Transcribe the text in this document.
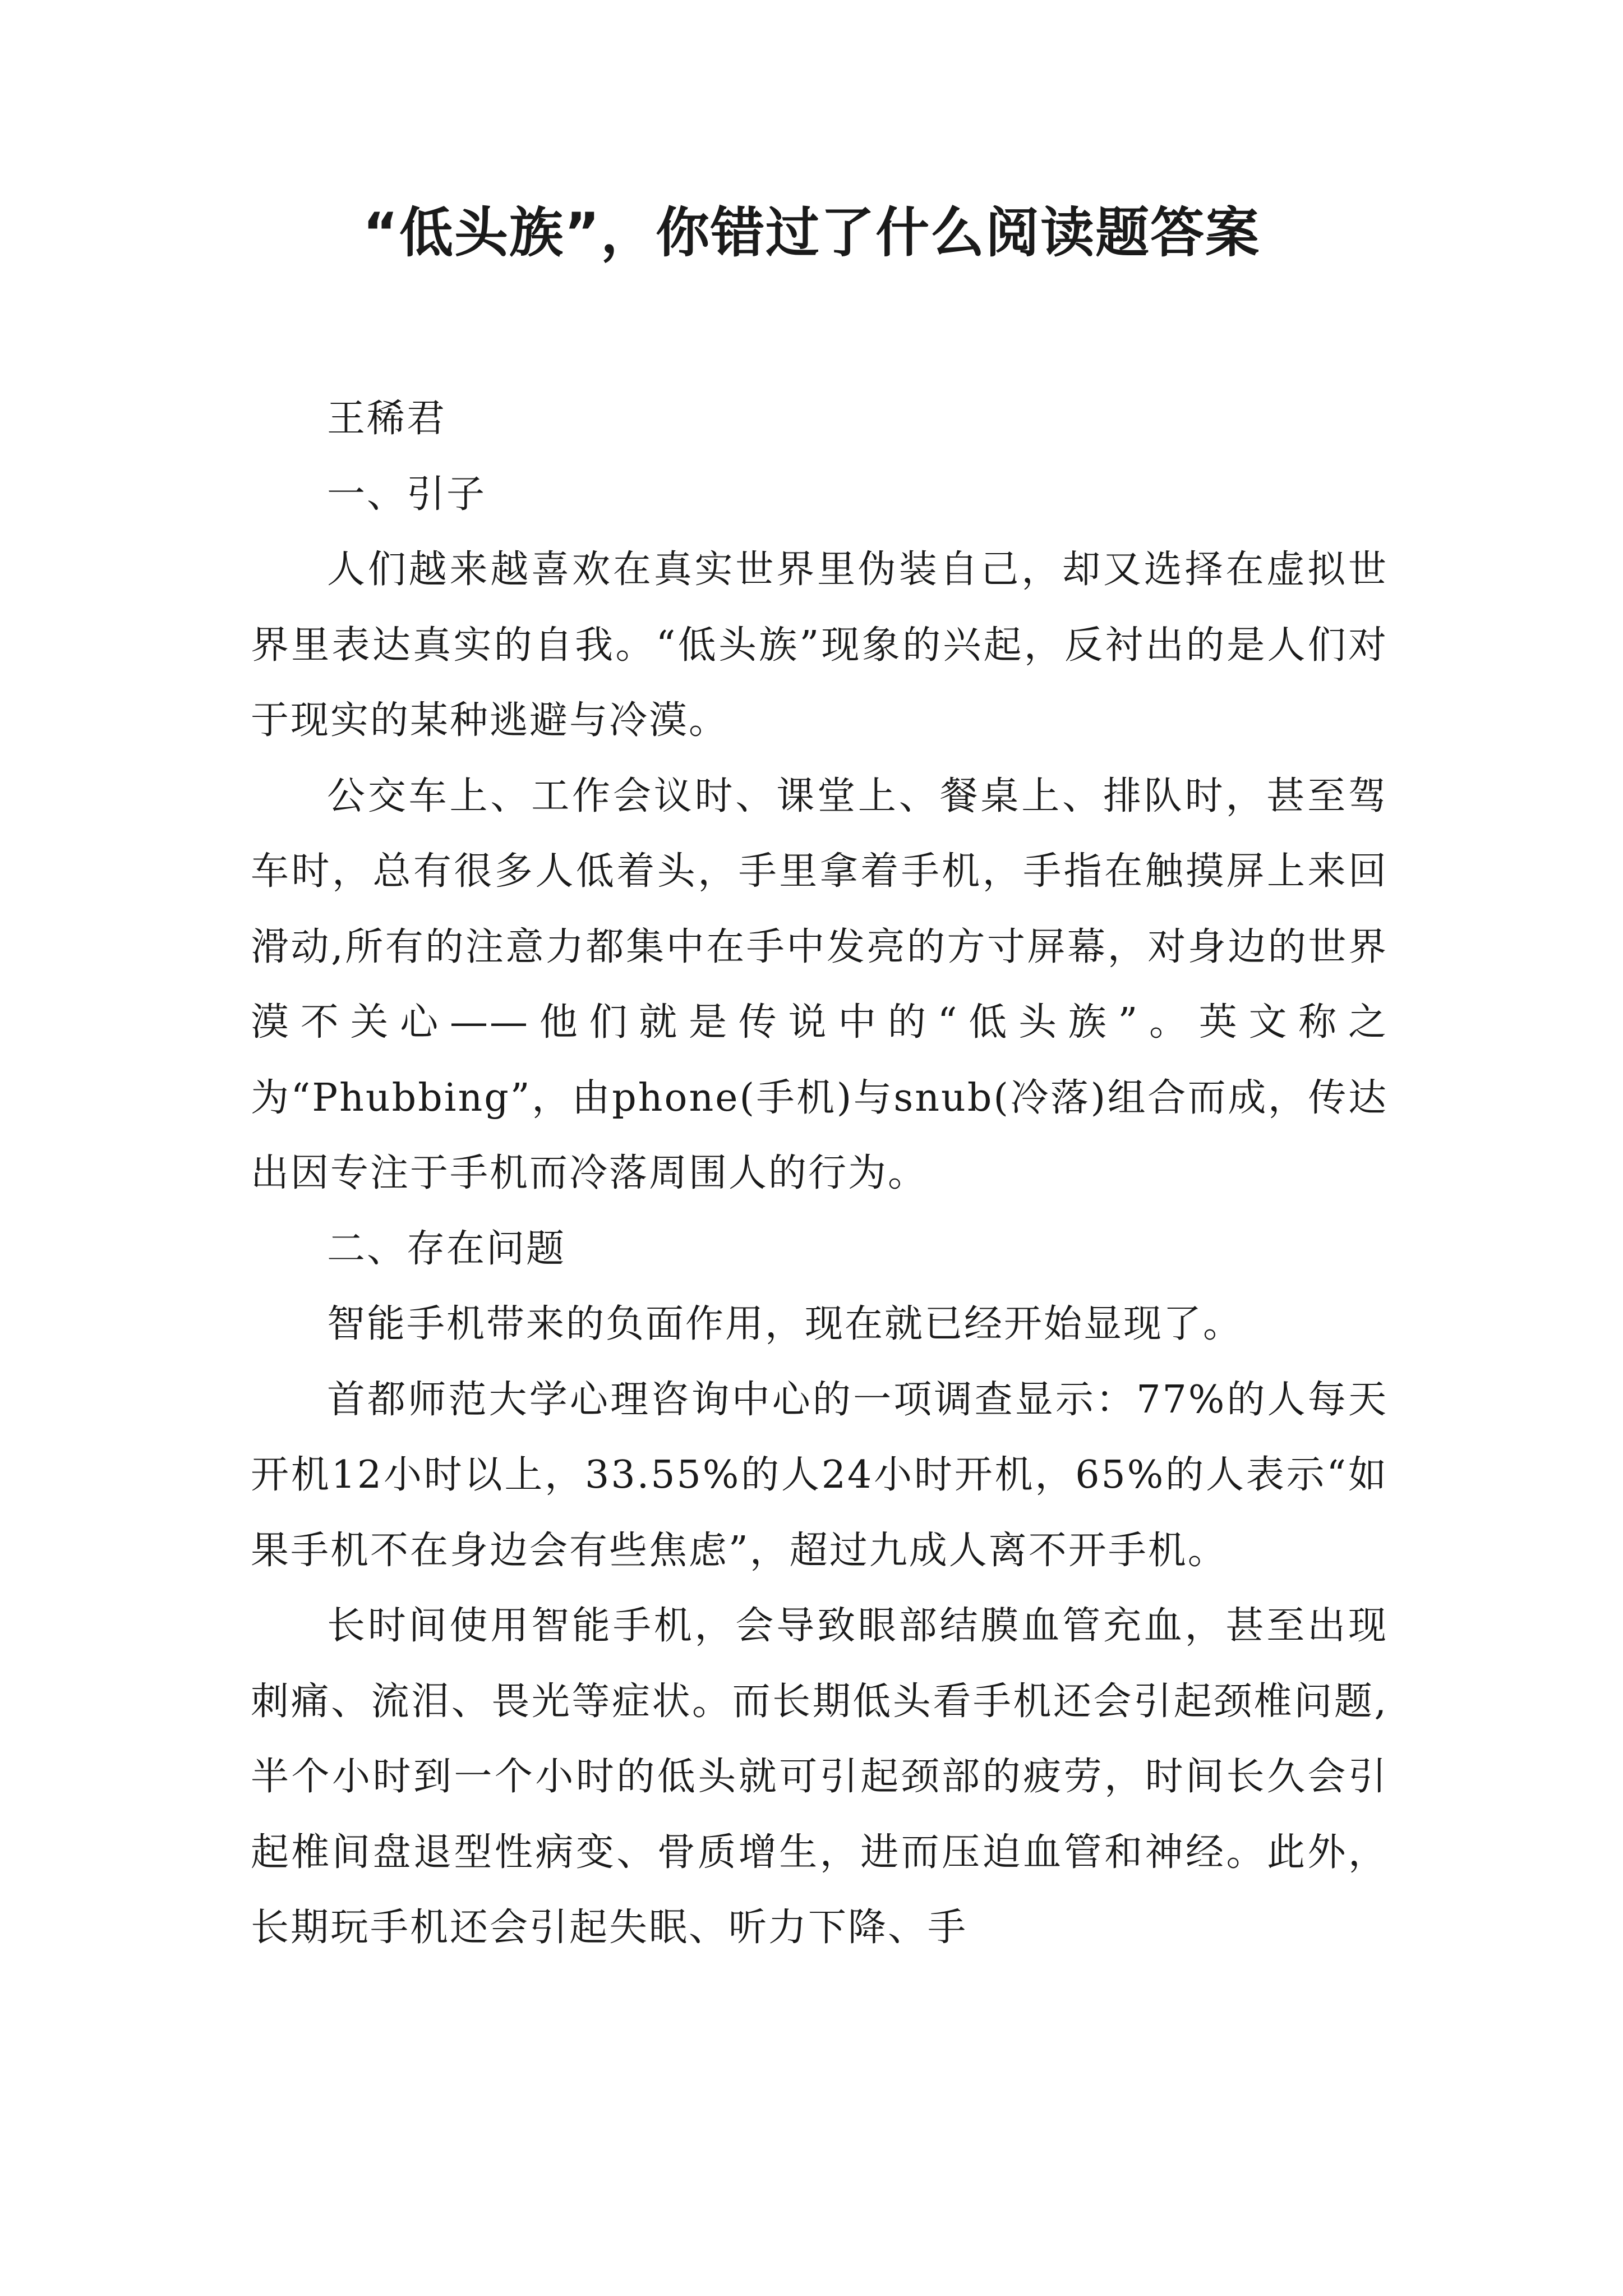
“低头族”，你错过了什么阅读题答案

王稀君

一、引子

人们越来越喜欢在真实世界里伪装自己，却又选择在虚拟世界里表达真实的自我。“低头族”现象的兴起，反衬出的是人们对于现实的某种逃避与冷漠。

公交车上、工作会议时、课堂上、餐桌上、排队时，甚至驾车时，总有很多人低着头，手里拿着手机，手指在触摸屏上来回滑动,所有的注意力都集中在手中发亮的方寸屏幕，对身边的世界漠不关心——他们就是传说中的“低头族”。英文称之为“Phubbing”，由phone(手机)与snub(冷落)组合而成，传达出因专注于手机而冷落周围人的行为。

二、存在问题

智能手机带来的负面作用，现在就已经开始显现了。

首都师范大学心理咨询中心的一项调查显示：77%的人每天开机12小时以上，33.55%的人24小时开机，65%的人表示“如果手机不在身边会有些焦虑”，超过九成人离不开手机。

长时间使用智能手机，会导致眼部结膜血管充血，甚至出现刺痛、流泪、畏光等症状。而长期低头看手机还会引起颈椎问题,半个小时到一个小时的低头就可引起颈部的疲劳，时间长久会引起椎间盘退型性病变、骨质增生，进而压迫血管和神经。此外，长期玩手机还会引起失眠、听力下降、手
